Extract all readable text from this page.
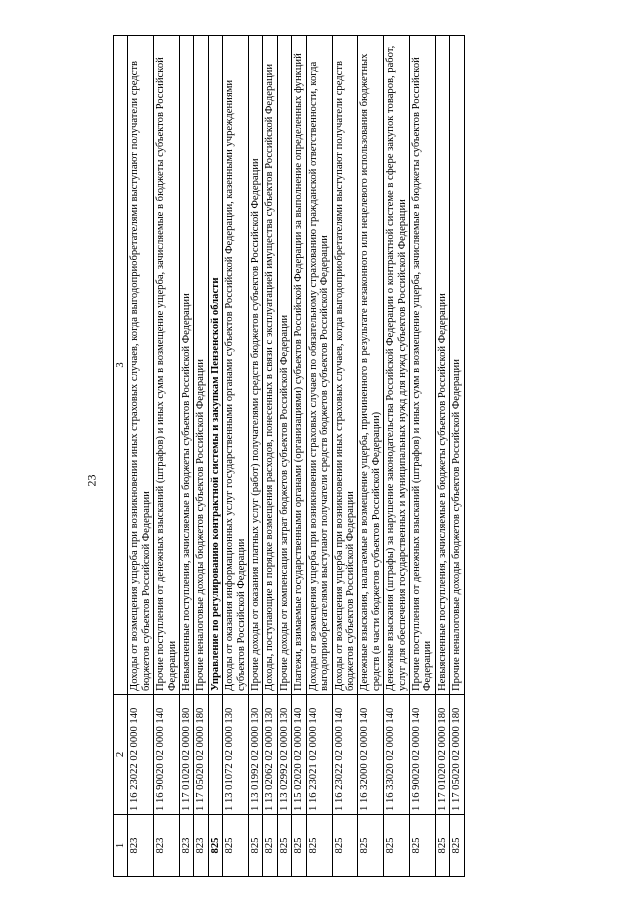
23
1	2	3
823	1 16 23022 02 0000 140	Доходы от возмещения ущерба при возникновении иных страховых случаев, когда выгодоприобретателями выступают получатели средств бюджетов субъектов Российской Федерации
823	1 16 90020 02 0000 140	Прочие поступления от денежных взысканий (штрафов) и иных сумм в возмещение ущерба, зачисляемые в бюджеты субъектов Российской Федерации
823	1 17 01020 02 0000 180	Невыясненные поступления, зачисляемые в бюджеты субъектов Российской Федерации
823	1 17 05020 02 0000 180	Прочие неналоговые доходы бюджетов субъектов Российской Федерации
825		Управление по регулированию контрактной системы и закупкам Пензенской области
825	1 13 01072 02 0000 130	Доходы от оказания информационных услуг государственными органами субъектов Российской Федерации, казенными учреждениями субъектов Российской Федерации
825	1 13 01992 02 0000 130	Прочие доходы от оказания платных услуг (работ) получателями средств бюджетов субъектов Российской Федерации
825	1 13 02062 02 0000 130	Доходы, поступающие в порядке возмещения расходов, понесенных в связи с эксплуатацией имущества субъектов Российской Федерации
825	1 13 02992 02 0000 130	Прочие доходы от компенсации затрат бюджетов субъектов Российской Федерации
825	1 15 02020 02 0000 140	Платежи, взимаемые государственными органами (организациями) субъектов Российской Федерации за выполнение определенных функций
825	1 16 23021 02 0000 140	Доходы от возмещения ущерба при возникновении страховых случаев по обязательному страхованию гражданской ответственности, когда выгодоприобретателями выступают получатели средств бюджетов субъектов Российской Федерации
825	1 16 23022 02 0000 140	Доходы от возмещения ущерба при возникновении иных страховых случаев, когда выгодоприобретателями выступают получатели средств бюджетов субъектов Российской Федерации
825	1 16 32000 02 0000 140	Денежные взыскания, налагаемые в возмещение ущерба, причиненного в результате незаконного или нецелевого использования бюджетных средств (в части бюджетов субъектов Российской Федерации)
825	1 16 33020 02 0000 140	Денежные взыскания (штрафы) за нарушение законодательства Российской Федерации о контрактной системе в сфере закупок товаров, работ, услуг для обеспечения государственных и муниципальных нужд для нужд субъектов Российской Федерации
825	1 16 90020 02 0000 140	Прочие поступления от денежных взысканий (штрафов) и иных сумм в возмещение ущерба, зачисляемые в бюджеты субъектов Российской Федерации
825	1 17 01020 02 0000 180	Невыясненные поступления, зачисляемые в бюджеты субъектов Российской Федерации
825	1 17 05020 02 0000 180	Прочие неналоговые доходы бюджетов субъектов Российской Федерации
